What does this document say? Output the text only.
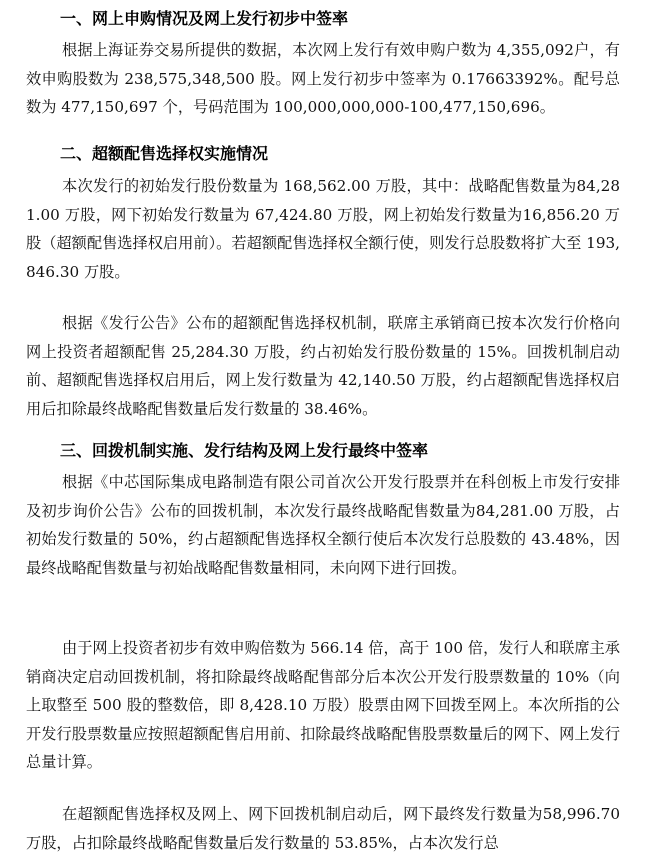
一、网上申购情况及网上发行初步中签率

根据上海证券交易所提供的数据，本次网上发行有效申购户数为 4,355,092户，有效申购股数为 238,575,348,500 股。网上发行初步中签率为 0.17663392%。配号总数为 477,150,697 个，号码范围为 100,000,000,000-100,477,150,696。

二、超额配售选择权实施情况

本次发行的初始发行股份数量为 168,562.00 万股，其中：战略配售数量为84,281.00 万股，网下初始发行数量为 67,424.80 万股，网上初始发行数量为16,856.20 万股（超额配售选择权启用前）。若超额配售选择权全额行使，则发行总股数将扩大至 193,846.30 万股。

根据《发行公告》公布的超额配售选择权机制，联席主承销商已按本次发行价格向网上投资者超额配售 25,284.30 万股，约占初始发行股份数量的 15%。回拨机制启动前、超额配售选择权启用后，网上发行数量为 42,140.50 万股，约占超额配售选择权启用后扣除最终战略配售数量后发行数量的 38.46%。

三、回拨机制实施、发行结构及网上发行最终中签率

根据《中芯国际集成电路制造有限公司首次公开发行股票并在科创板上市发行安排及初步询价公告》公布的回拨机制，本次发行最终战略配售数量为84,281.00 万股，占初始发行数量的 50%，约占超额配售选择权全额行使后本次发行总股数的 43.48%，因最终战略配售数量与初始战略配售数量相同，未向网下进行回拨。

由于网上投资者初步有效申购倍数为 566.14 倍，高于 100 倍，发行人和联席主承销商决定启动回拨机制，将扣除最终战略配售部分后本次公开发行股票数量的 10%（向上取整至 500 股的整数倍，即 8,428.10 万股）股票由网下回拨至网上。本次所指的公开发行股票数量应按照超额配售启用前、扣除最终战略配售股票数量后的网下、网上发行总量计算。

在超额配售选择权及网上、网下回拨机制启动后，网下最终发行数量为58,996.70 万股，占扣除最终战略配售数量后发行数量的 53.85%，占本次发行总
